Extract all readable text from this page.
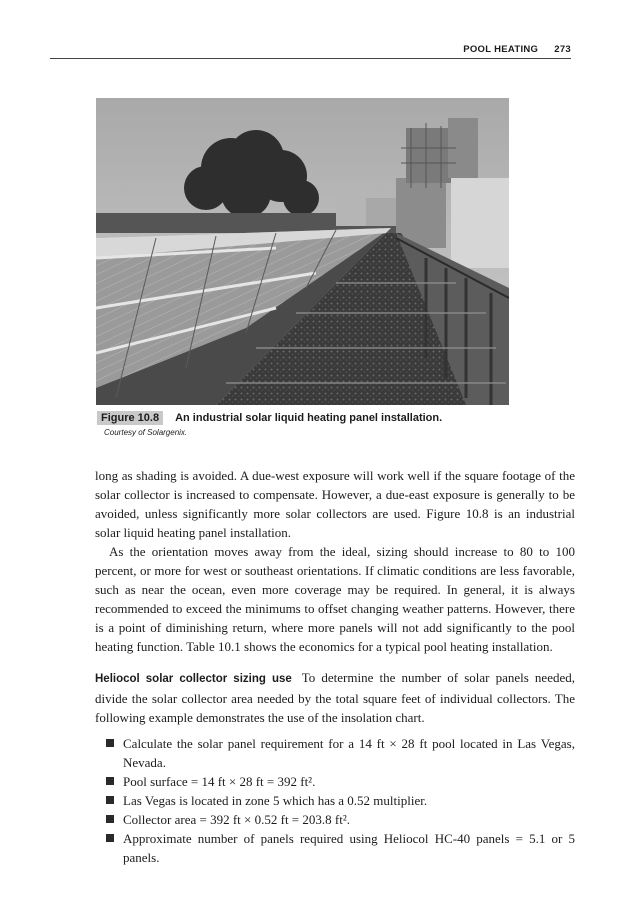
POOL HEATING 273
Figure 10.8 An industrial solar liquid heating panel installation.
Courtesy of Solargenix.

long as shading is avoided. A due-west exposure will work well if the square footage of the solar collector is increased to compensate. However, a due-east exposure is generally to be avoided, unless significantly more solar collectors are used. Figure 10.8 is an industrial solar liquid heating panel installation.

As the orientation moves away from the ideal, sizing should increase to 80 to 100 percent, or more for west or southeast orientations. If climatic conditions are less favorable, such as near the ocean, even more coverage may be required. In general, it is always recommended to exceed the minimums to offset changing weather patterns. However, there is a point of diminishing return, where more panels will not add significantly to the pool heating function. Table 10.1 shows the economics for a typical pool heating installation.

Heliocol solar collector sizing use To determine the number of solar panels needed, divide the solar collector area needed by the total square feet of individual collectors. The following example demonstrates the use of the insolation chart.

Calculate the solar panel requirement for a 14 ft × 28 ft pool located in Las Vegas, Nevada.
Pool surface = 14 ft × 28 ft = 392 ft².
Las Vegas is located in zone 5 which has a 0.52 multiplier.
Collector area = 392 ft × 0.52 ft = 203.8 ft².
Approximate number of panels required using Heliocol HC-40 panels = 5.1 or 5 panels.
